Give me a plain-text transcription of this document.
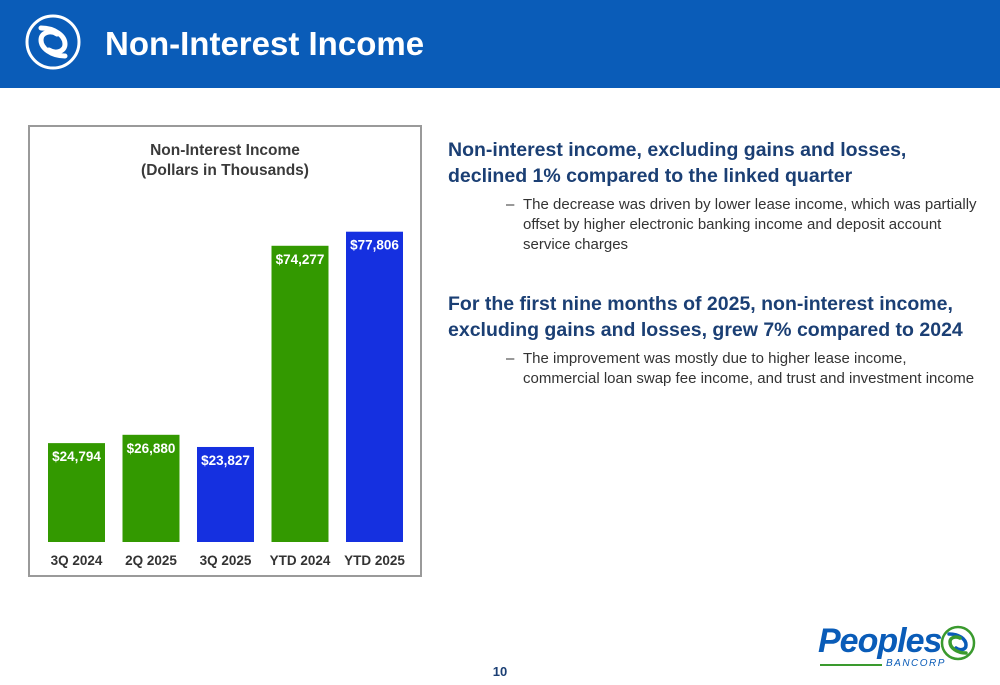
Non-Interest Income
Non-Interest Income
(Dollars in Thousands)
$24,794
3Q 2024
$26,880
2Q 2025
$23,827
3Q 2025
$74,277
YTD 2024
$77,806
YTD 2025

Non-interest income, excluding gains and losses,
declined 1% compared to the linked quarter

– The decrease was driven by lower lease income, which was partially
offset by higher electronic banking income and deposit account
service charges

For the first nine months of 2025, non-interest income,
excluding gains and losses, grew 7% compared to 2024

– The improvement was mostly due to higher lease income,
commercial loan swap fee income, and trust and investment income
10
Peoples
BANCORP
